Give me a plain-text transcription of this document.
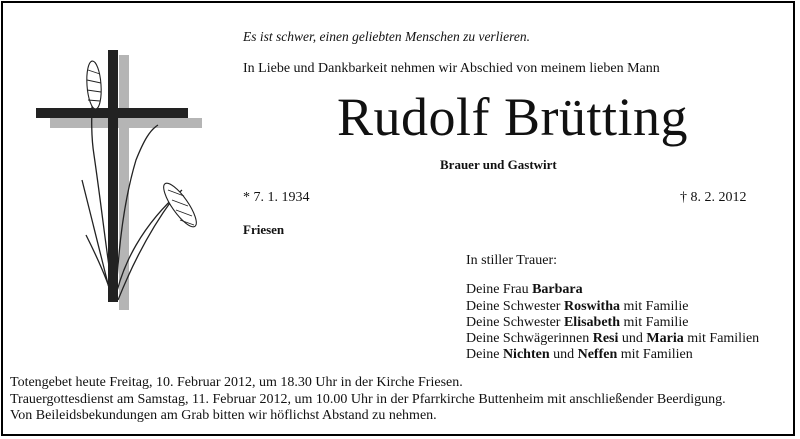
Es ist schwer, einen geliebten Menschen zu verlieren.
In Liebe und Dankbarkeit nehmen wir Abschied von meinem lieben Mann
Rudolf Brütting
Brauer und Gastwirt
* 7. 1. 1934	† 8. 2. 2012
Friesen
In stiller Trauer:
Deine Frau Barbara
Deine Schwester Roswitha mit Familie
Deine Schwester Elisabeth mit Familie
Deine Schwägerinnen Resi und Maria mit Familien
Deine Nichten und Neffen mit Familien
Totengebet heute Freitag, 10. Februar 2012, um 18.30 Uhr in der Kirche Friesen.
Trauergottesdienst am Samstag, 11. Februar 2012, um 10.00 Uhr in der Pfarrkirche Buttenheim mit anschließender Beerdigung.
Von Beileidsbekundungen am Grab bitten wir höflichst Abstand zu nehmen.
